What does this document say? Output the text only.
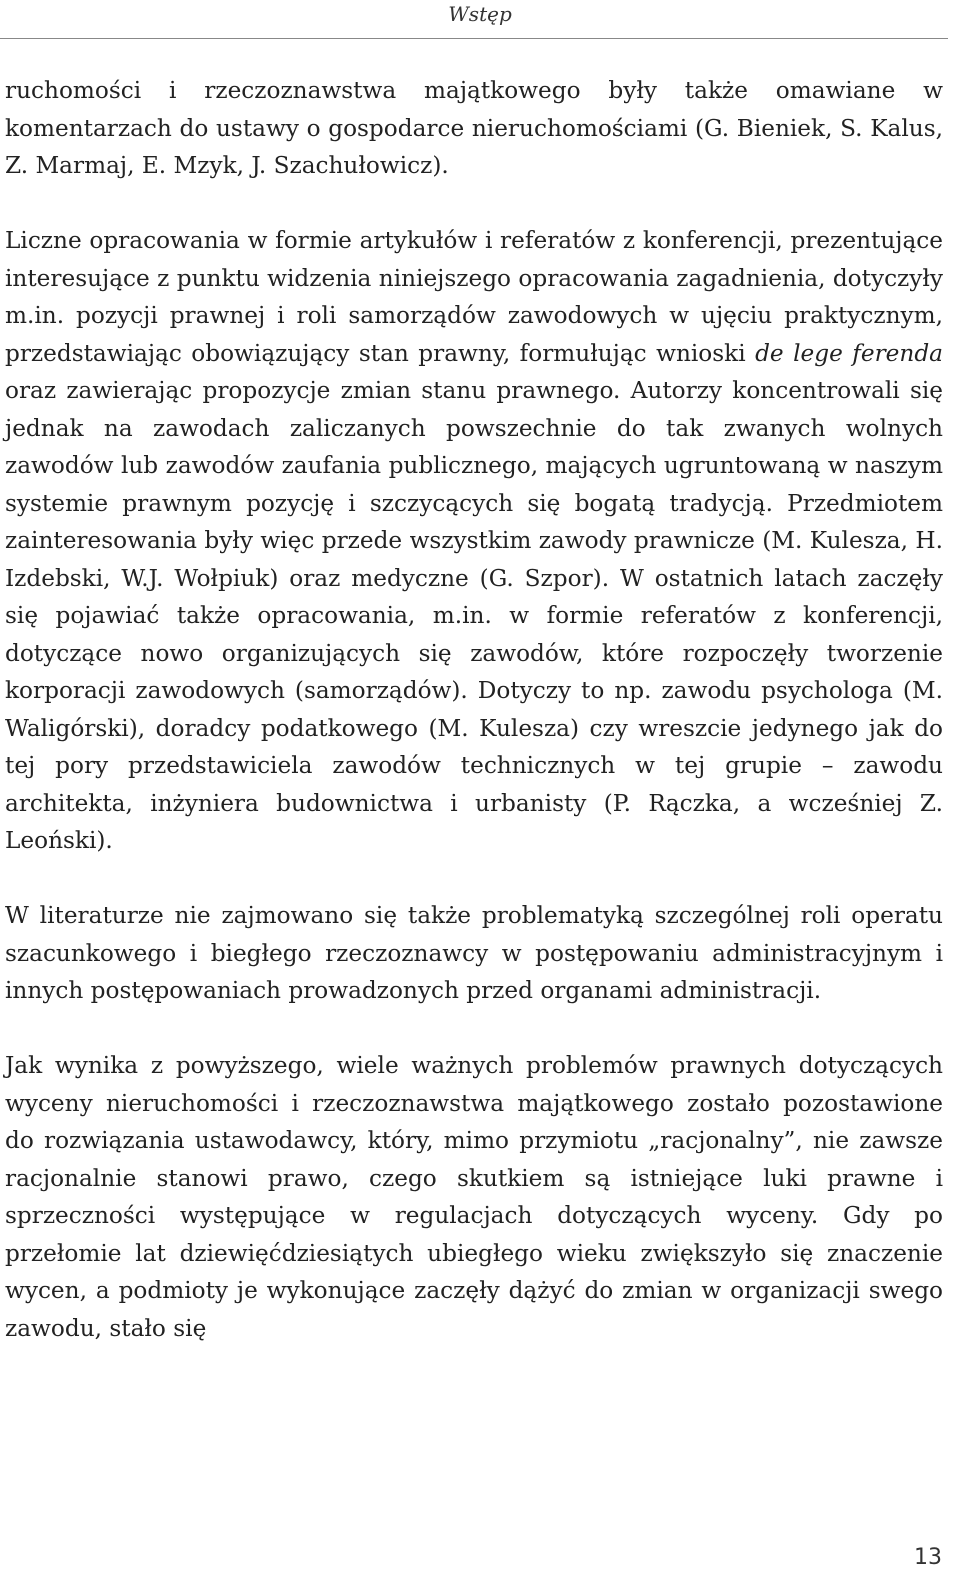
Wstęp

ruchomości i rzeczoznawstwa majątkowego były także omawiane w komentarzach do ustawy o gospodarce nieruchomościami (G. Bieniek, S. Kalus, Z. Marmaj, E. Mzyk, J. Szachułowicz).

Liczne opracowania w formie artykułów i referatów z konferencji, prezentujące interesujące z punktu widzenia niniejszego opracowania zagadnienia, dotyczyły m.in. pozycji prawnej i roli samorządów zawodowych w ujęciu praktycznym, przedstawiając obowiązujący stan prawny, formułując wnioski de lege ferenda oraz zawierając propozycje zmian stanu prawnego. Autorzy koncentrowali się jednak na zawodach zaliczanych powszechnie do tak zwanych wolnych zawodów lub zawodów zaufania publicznego, mających ugruntowaną w naszym systemie prawnym pozycję i szczycących się bogatą tradycją. Przedmiotem zainteresowania były więc przede wszystkim zawody prawnicze (M. Kulesza, H. Izdebski, W.J. Wołpiuk) oraz medyczne (G. Szpor). W ostatnich latach zaczęły się pojawiać także opracowania, m.in. w formie referatów z konferencji, dotyczące nowo organizujących się zawodów, które rozpoczęły tworzenie korporacji zawodowych (samorządów). Dotyczy to np. zawodu psychologa (M. Waligórski), doradcy podatkowego (M. Kulesza) czy wreszcie jedynego jak do tej pory przedstawiciela zawodów technicznych w tej grupie – zawodu architekta, inżyniera budownictwa i urbanisty (P. Rączka, a wcześniej Z. Leoński).

W literaturze nie zajmowano się także problematyką szczególnej roli operatu szacunkowego i biegłego rzeczoznawcy w postępowaniu administracyjnym i innych postępowaniach prowadzonych przed organami administracji.

Jak wynika z powyższego, wiele ważnych problemów prawnych dotyczących wyceny nieruchomości i rzeczoznawstwa majątkowego zostało pozostawione do rozwiązania ustawodawcy, który, mimo przymiotu „racjonalny”, nie zawsze racjonalnie stanowi prawo, czego skutkiem są istniejące luki prawne i sprzeczności występujące w regulacjach dotyczących wyceny. Gdy po przełomie lat dziewięćdziesiątych ubiegłego wieku zwiększyło się znaczenie wycen, a podmioty je wykonujące zaczęły dążyć do zmian w organizacji swego zawodu, stało się

13
